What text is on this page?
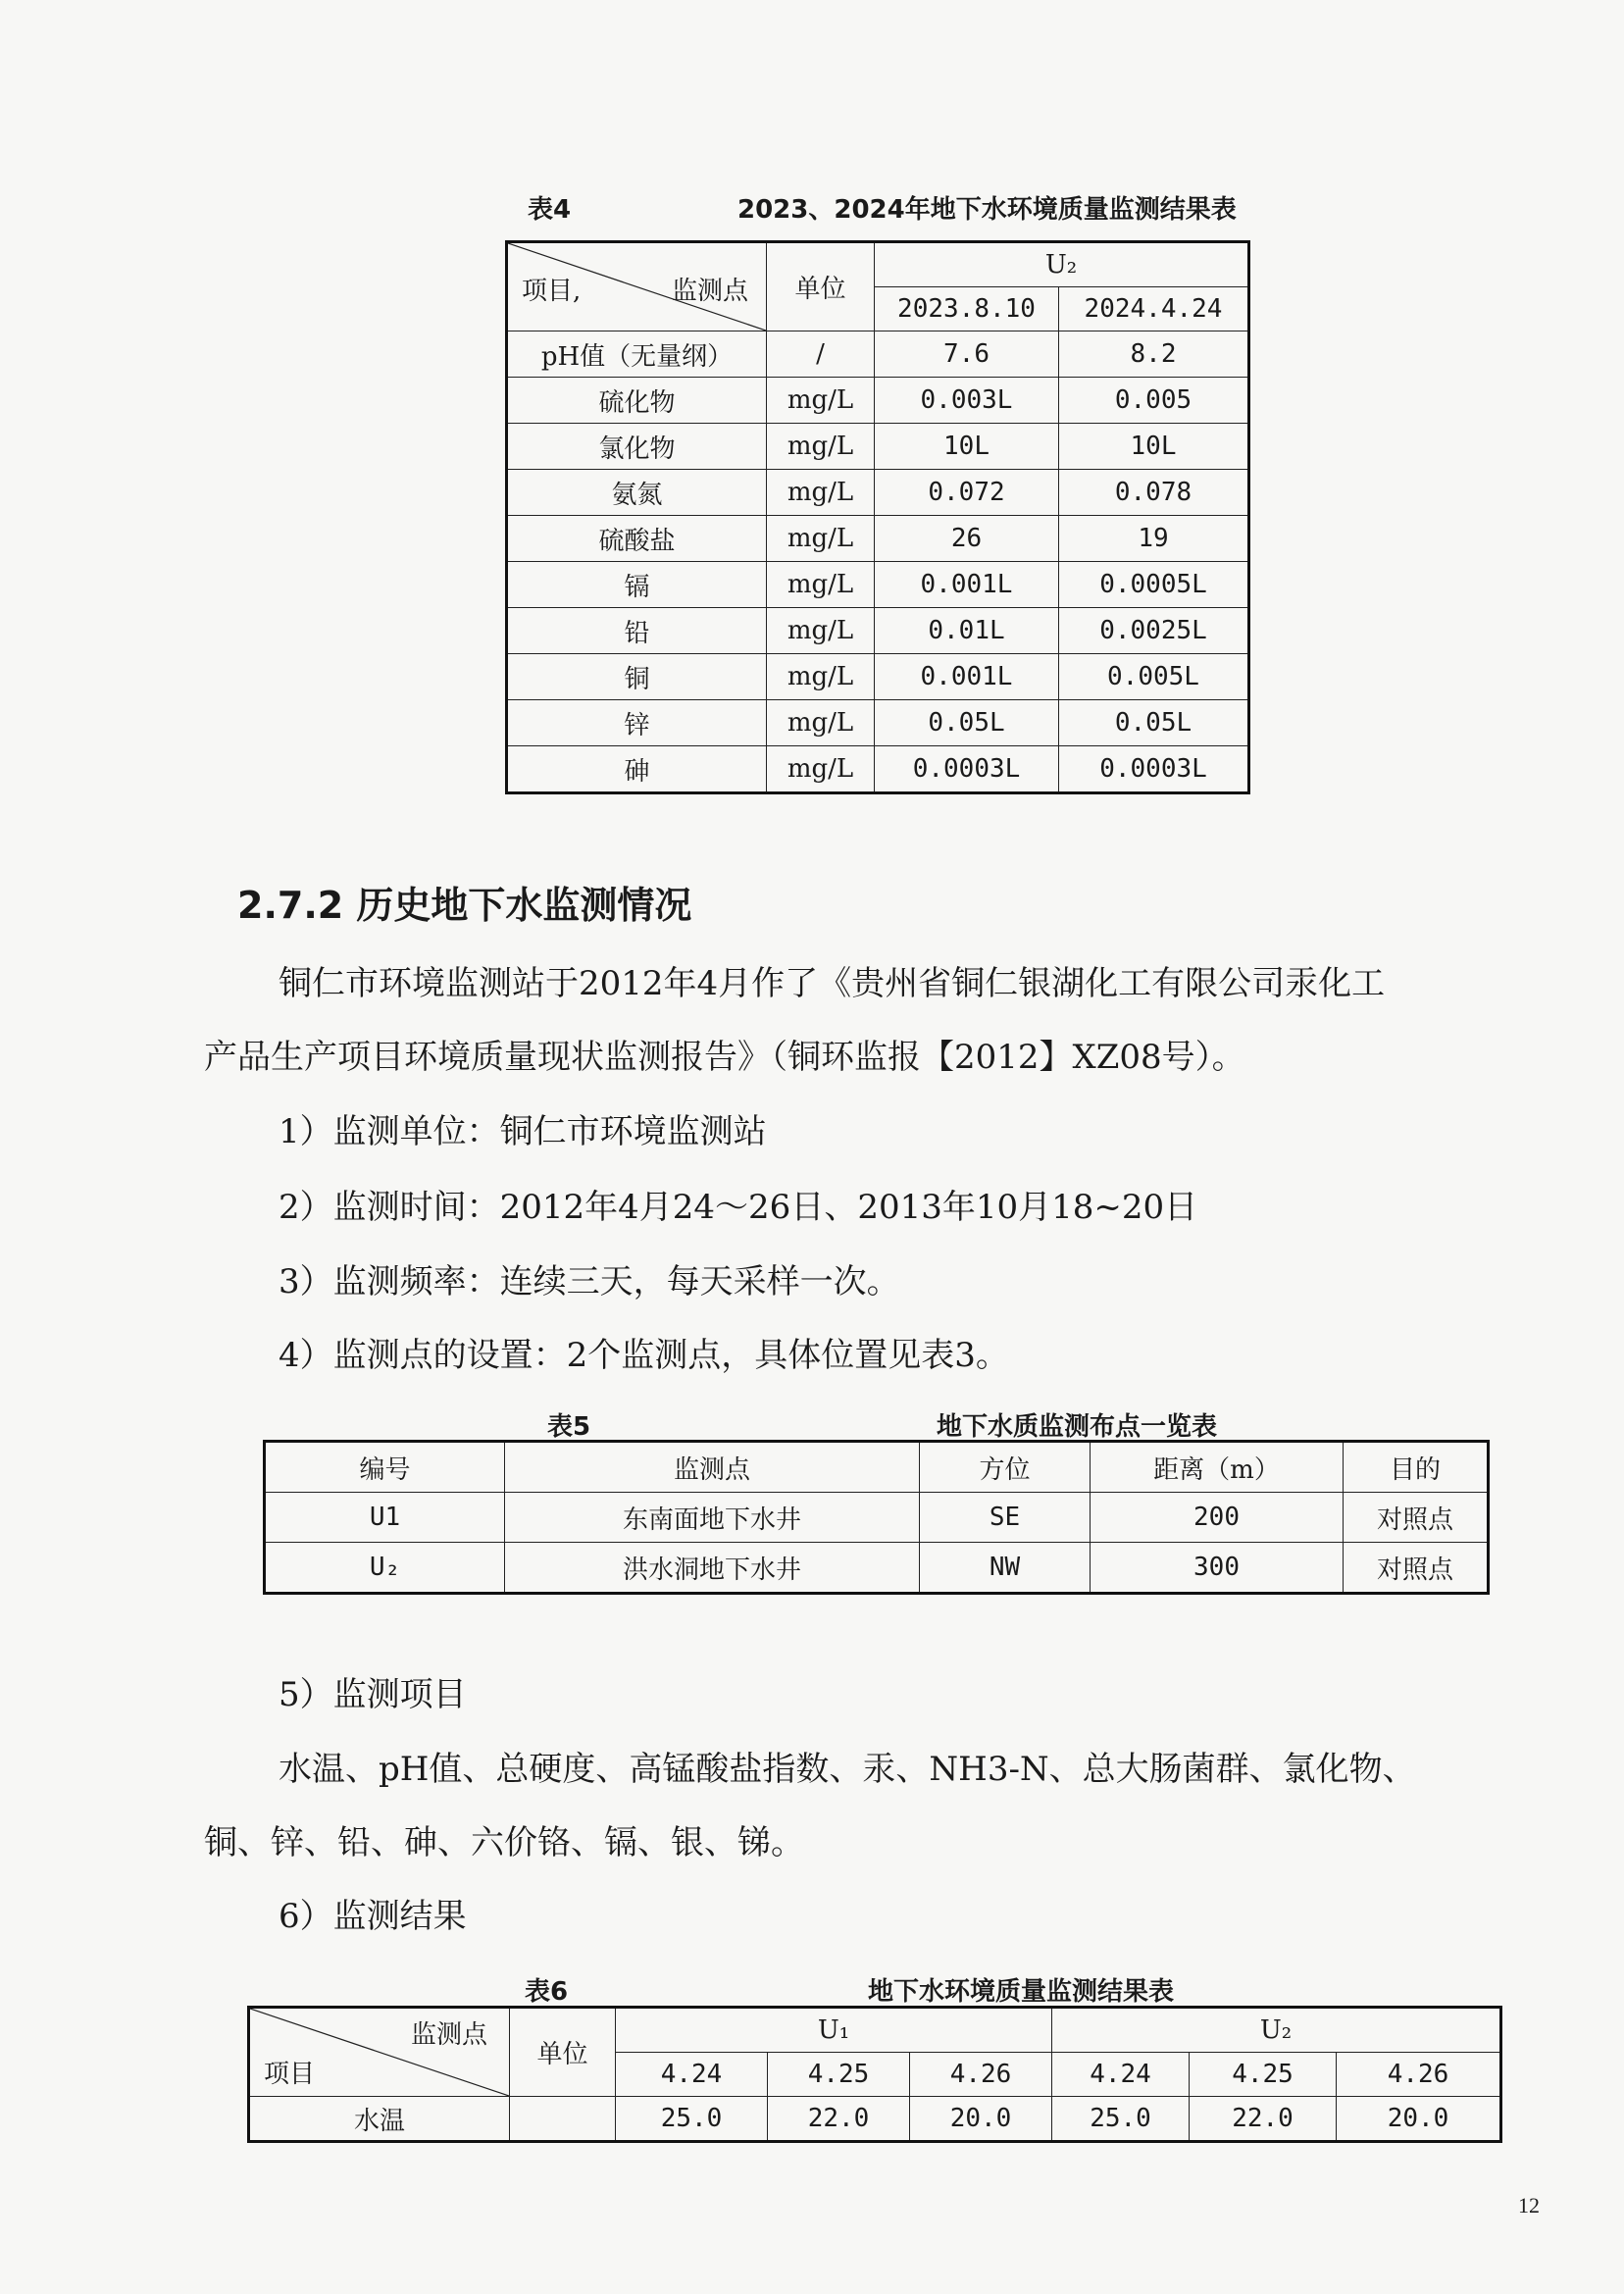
表4	2023、2024年地下水环境质量监测结果表
项目, 监测点	单位	U₂	
		2023.8.10	2024.4.24
pH值（无量纲）	/	7.6	8.2
硫化物	mg/L	0.003L	0.005
氯化物	mg/L	10L	10L
氨氮	mg/L	0.072	0.078
硫酸盐	mg/L	26	19
镉	mg/L	0.001L	0.0005L
铅	mg/L	0.01L	0.0025L
铜	mg/L	0.001L	0.005L
锌	mg/L	0.05L	0.05L
砷	mg/L	0.0003L	0.0003L
2.7.2 历史地下水监测情况
铜仁市环境监测站于2012年4月作了《贵州省铜仁银湖化工有限公司汞化工
产品生产项目环境质量现状监测报告》（铜环监报【2012】XZ08号）。
1）监测单位：铜仁市环境监测站
2）监测时间：2012年4月24～26日、2013年10月18~20日
3）监测频率：连续三天，每天采样一次。
4）监测点的设置：2个监测点，具体位置见表3。
表5	地下水质监测布点一览表
编号	监测点	方位	距离（m）	目的
U1	东南面地下水井	SE	200	对照点
U₂	洪水洞地下水井	NW	300	对照点
5）监测项目
水温、pH值、总硬度、高锰酸盐指数、汞、NH3-N、总大肠菌群、氯化物、
铜、锌、铅、砷、六价铬、镉、银、锑。
6）监测结果
表6	地下水环境质量监测结果表
监测点
项目	单位	U₁			U₂		
		4.24	4.25	4.26	4.24	4.25	4.26
水温		25.0	22.0	20.0	25.0	22.0	20.0
12
